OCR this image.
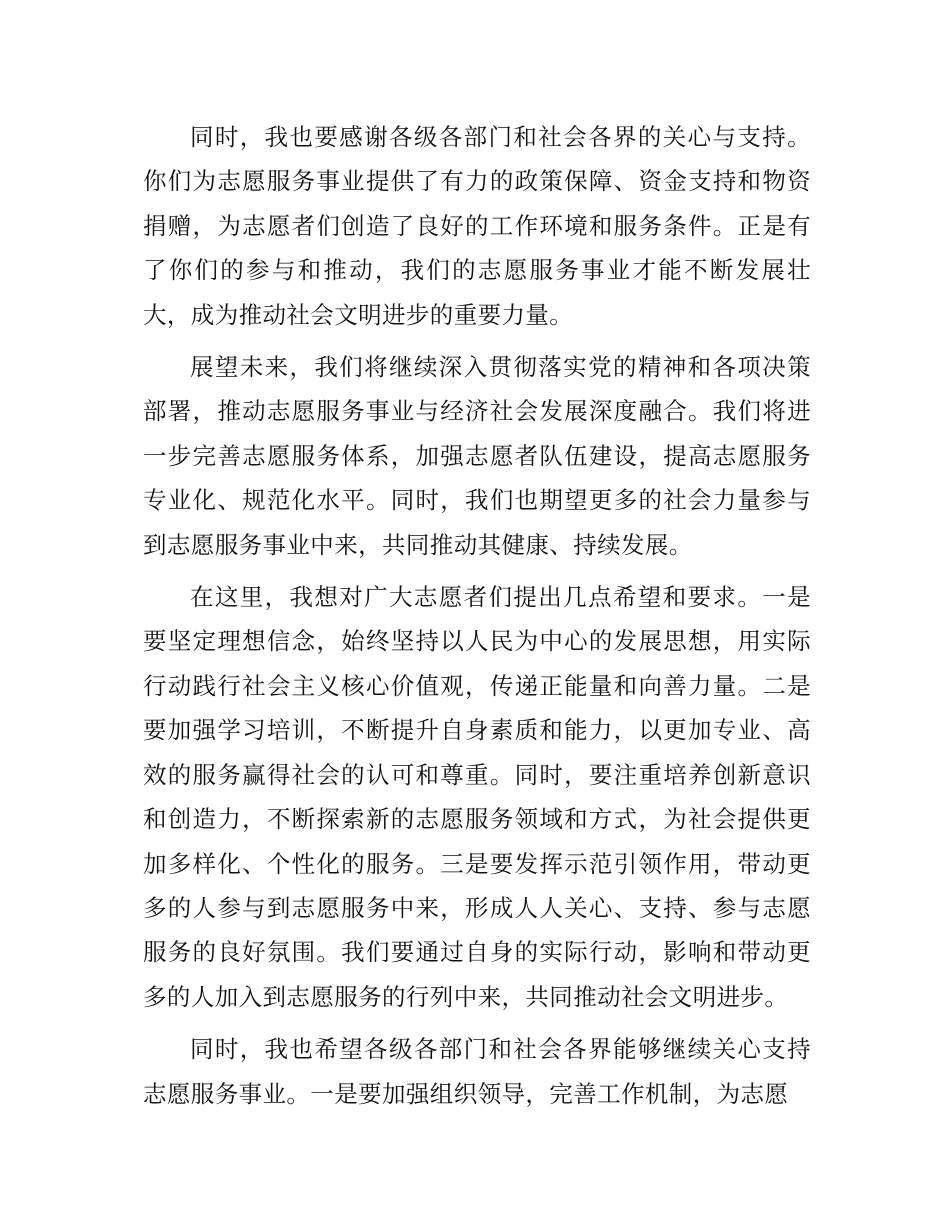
同时，我也要感谢各级各部门和社会各界的关心与支持。你们为志愿服务事业提供了有力的政策保障、资金支持和物资捐赠，为志愿者们创造了良好的工作环境和服务条件。正是有了你们的参与和推动，我们的志愿服务事业才能不断发展壮大，成为推动社会文明进步的重要力量。

展望未来，我们将继续深入贯彻落实党的精神和各项决策部署，推动志愿服务事业与经济社会发展深度融合。我们将进一步完善志愿服务体系，加强志愿者队伍建设，提高志愿服务专业化、规范化水平。同时，我们也期望更多的社会力量参与到志愿服务事业中来，共同推动其健康、持续发展。

在这里，我想对广大志愿者们提出几点希望和要求。一是要坚定理想信念，始终坚持以人民为中心的发展思想，用实际行动践行社会主义核心价值观，传递正能量和向善力量。二是要加强学习培训，不断提升自身素质和能力，以更加专业、高效的服务赢得社会的认可和尊重。同时，要注重培养创新意识和创造力，不断探索新的志愿服务领域和方式，为社会提供更加多样化、个性化的服务。三是要发挥示范引领作用，带动更多的人参与到志愿服务中来，形成人人关心、支持、参与志愿服务的良好氛围。我们要通过自身的实际行动，影响和带动更多的人加入到志愿服务的行列中来，共同推动社会文明进步。

同时，我也希望各级各部门和社会各界能够继续关心支持志愿服务事业。一是要加强组织领导，完善工作机制，为志愿
